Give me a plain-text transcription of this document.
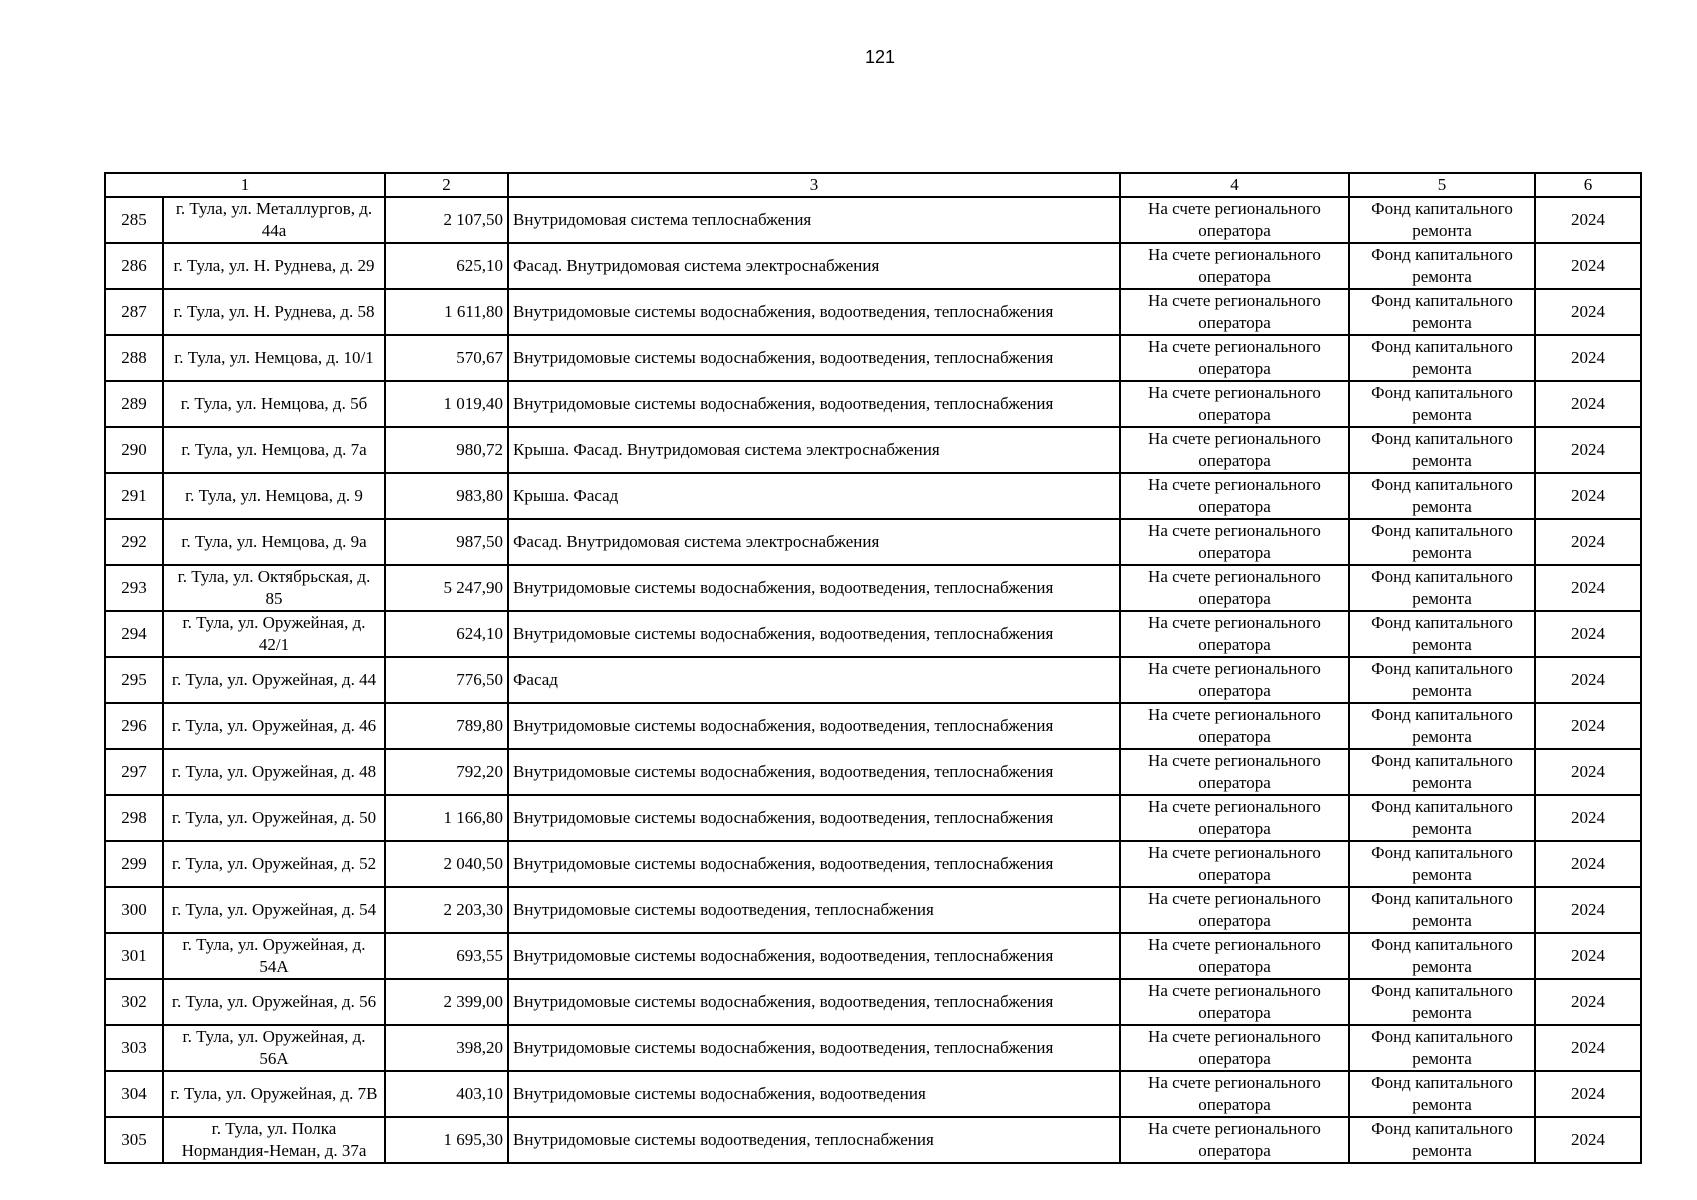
121
1		2	3	4	5	6
285	г. Тула, ул. Металлургов, д. 44а	2 107,50	Внутридомовая система теплоснабжения	На счете регионального оператора	Фонд капитального ремонта	2024
286	г. Тула, ул. Н. Руднева, д. 29	625,10	Фасад. Внутридомовая система электроснабжения	На счете регионального оператора	Фонд капитального ремонта	2024
287	г. Тула, ул. Н. Руднева, д. 58	1 611,80	Внутридомовые системы водоснабжения, водоотведения, теплоснабжения	На счете регионального оператора	Фонд капитального ремонта	2024
288	г. Тула, ул. Немцова, д. 10/1	570,67	Внутридомовые системы водоснабжения, водоотведения, теплоснабжения	На счете регионального оператора	Фонд капитального ремонта	2024
289	г. Тула, ул. Немцова, д. 5б	1 019,40	Внутридомовые системы водоснабжения, водоотведения, теплоснабжения	На счете регионального оператора	Фонд капитального ремонта	2024
290	г. Тула, ул. Немцова, д. 7а	980,72	Крыша. Фасад. Внутридомовая система электроснабжения	На счете регионального оператора	Фонд капитального ремонта	2024
291	г. Тула, ул. Немцова, д. 9	983,80	Крыша. Фасад	На счете регионального оператора	Фонд капитального ремонта	2024
292	г. Тула, ул. Немцова, д. 9а	987,50	Фасад. Внутридомовая система электроснабжения	На счете регионального оператора	Фонд капитального ремонта	2024
293	г. Тула, ул. Октябрьская, д. 85	5 247,90	Внутридомовые системы водоснабжения, водоотведения, теплоснабжения	На счете регионального оператора	Фонд капитального ремонта	2024
294	г. Тула, ул. Оружейная, д. 42/1	624,10	Внутридомовые системы водоснабжения, водоотведения, теплоснабжения	На счете регионального оператора	Фонд капитального ремонта	2024
295	г. Тула, ул. Оружейная, д. 44	776,50	Фасад	На счете регионального оператора	Фонд капитального ремонта	2024
296	г. Тула, ул. Оружейная, д. 46	789,80	Внутридомовые системы водоснабжения, водоотведения, теплоснабжения	На счете регионального оператора	Фонд капитального ремонта	2024
297	г. Тула, ул. Оружейная, д. 48	792,20	Внутридомовые системы водоснабжения, водоотведения, теплоснабжения	На счете регионального оператора	Фонд капитального ремонта	2024
298	г. Тула, ул. Оружейная, д. 50	1 166,80	Внутридомовые системы водоснабжения, водоотведения, теплоснабжения	На счете регионального оператора	Фонд капитального ремонта	2024
299	г. Тула, ул. Оружейная, д. 52	2 040,50	Внутридомовые системы водоснабжения, водоотведения, теплоснабжения	На счете регионального оператора	Фонд капитального ремонта	2024
300	г. Тула, ул. Оружейная, д. 54	2 203,30	Внутридомовые системы водоотведения, теплоснабжения	На счете регионального оператора	Фонд капитального ремонта	2024
301	г. Тула, ул. Оружейная, д. 54А	693,55	Внутридомовые системы водоснабжения, водоотведения, теплоснабжения	На счете регионального оператора	Фонд капитального ремонта	2024
302	г. Тула, ул. Оружейная, д. 56	2 399,00	Внутридомовые системы водоснабжения, водоотведения, теплоснабжения	На счете регионального оператора	Фонд капитального ремонта	2024
303	г. Тула, ул. Оружейная, д. 56А	398,20	Внутридомовые системы водоснабжения, водоотведения, теплоснабжения	На счете регионального оператора	Фонд капитального ремонта	2024
304	г. Тула, ул. Оружейная, д. 7В	403,10	Внутридомовые системы водоснабжения, водоотведения	На счете регионального оператора	Фонд капитального ремонта	2024
305	г. Тула, ул. Полка Нормандия-Неман, д. 37а	1 695,30	Внутридомовые системы водоотведения, теплоснабжения	На счете регионального оператора	Фонд капитального ремонта	2024
